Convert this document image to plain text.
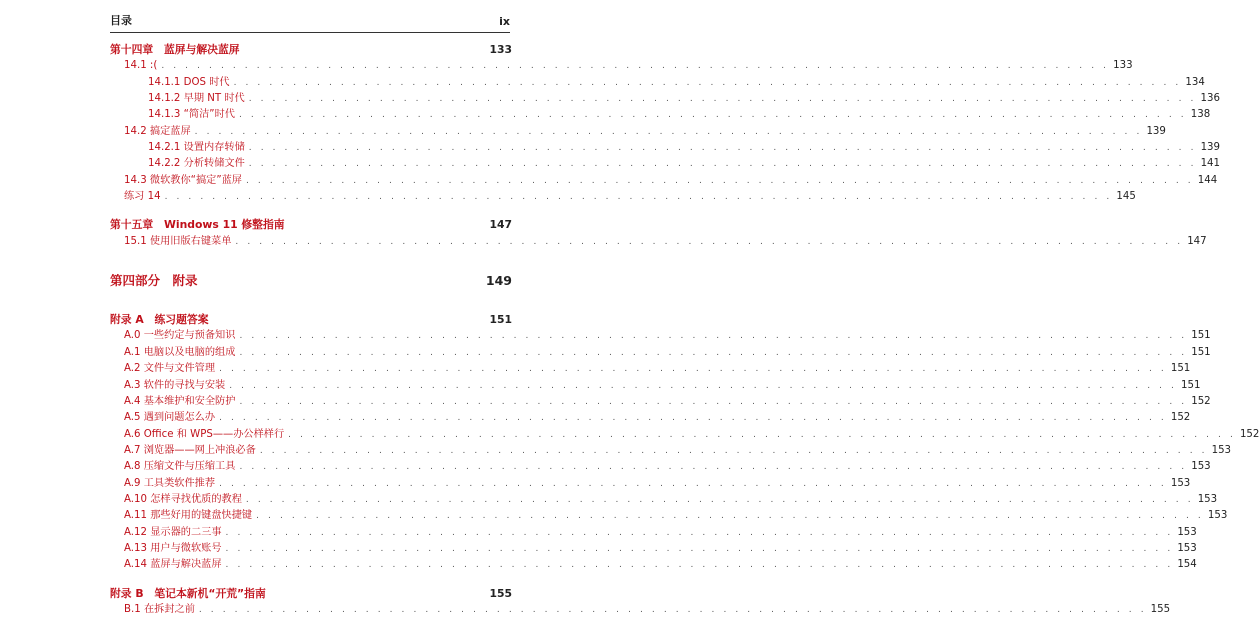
目录	ix
第十四章　蓝屏与解决蓝屏	133
14.1 :( . . . . . . . . . . . . . . . . . . . . . . . . . . . . . . . . . . . . . . . . . . . . . . . . . . . . . . . . . . . . . . . . . . . . . . . . . . . . . . . . 133
14.1.1 DOS 时代 . . . . . . . . . . . . . . . . . . . . . . . . . . . . . . . . . . . . . . . . . . . . . . . . . . . . . . . . . . . . . . . . . . . . . . . . . . . . . . . . 134
14.1.2 早期 NT 时代 . . . . . . . . . . . . . . . . . . . . . . . . . . . . . . . . . . . . . . . . . . . . . . . . . . . . . . . . . . . . . . . . . . . . . . . . . . . . . . . . 136
14.1.3 “简洁”时代 . . . . . . . . . . . . . . . . . . . . . . . . . . . . . . . . . . . . . . . . . . . . . . . . . . . . . . . . . . . . . . . . . . . . . . . . . . . . . . . . 138
14.2 搞定蓝屏 . . . . . . . . . . . . . . . . . . . . . . . . . . . . . . . . . . . . . . . . . . . . . . . . . . . . . . . . . . . . . . . . . . . . . . . . . . . . . . . . 139
14.2.1 设置内存转储 . . . . . . . . . . . . . . . . . . . . . . . . . . . . . . . . . . . . . . . . . . . . . . . . . . . . . . . . . . . . . . . . . . . . . . . . . . . . . . . . 139
14.2.2 分析转储文件 . . . . . . . . . . . . . . . . . . . . . . . . . . . . . . . . . . . . . . . . . . . . . . . . . . . . . . . . . . . . . . . . . . . . . . . . . . . . . . . . 141
14.3 微软教你“搞定”蓝屏 . . . . . . . . . . . . . . . . . . . . . . . . . . . . . . . . . . . . . . . . . . . . . . . . . . . . . . . . . . . . . . . . . . . . . . . . . . . . . . . . 144
练习 14 . . . . . . . . . . . . . . . . . . . . . . . . . . . . . . . . . . . . . . . . . . . . . . . . . . . . . . . . . . . . . . . . . . . . . . . . . . . . . . . . 145
第十五章　Windows 11 修整指南	147
15.1 使用旧版右键菜单 . . . . . . . . . . . . . . . . . . . . . . . . . . . . . . . . . . . . . . . . . . . . . . . . . . . . . . . . . . . . . . . . . . . . . . . . . . . . . . . . 147
第四部分　附录	149
附录 A　练习题答案	151
A.0 一些约定与预备知识 . . . . . . . . . . . . . . . . . . . . . . . . . . . . . . . . . . . . . . . . . . . . . . . . . . . . . . . . . . . . . . . . . . . . . . . . . . . . . . . . 151
A.1 电脑以及电脑的组成 . . . . . . . . . . . . . . . . . . . . . . . . . . . . . . . . . . . . . . . . . . . . . . . . . . . . . . . . . . . . . . . . . . . . . . . . . . . . . . . . 151
A.2 文件与文件管理 . . . . . . . . . . . . . . . . . . . . . . . . . . . . . . . . . . . . . . . . . . . . . . . . . . . . . . . . . . . . . . . . . . . . . . . . . . . . . . . . 151
A.3 软件的寻找与安装 . . . . . . . . . . . . . . . . . . . . . . . . . . . . . . . . . . . . . . . . . . . . . . . . . . . . . . . . . . . . . . . . . . . . . . . . . . . . . . . . 151
A.4 基本维护和安全防护 . . . . . . . . . . . . . . . . . . . . . . . . . . . . . . . . . . . . . . . . . . . . . . . . . . . . . . . . . . . . . . . . . . . . . . . . . . . . . . . . 152
A.5 遇到问题怎么办 . . . . . . . . . . . . . . . . . . . . . . . . . . . . . . . . . . . . . . . . . . . . . . . . . . . . . . . . . . . . . . . . . . . . . . . . . . . . . . . . 152
A.6 Office 和 WPS——办公样样行 . . . . . . . . . . . . . . . . . . . . . . . . . . . . . . . . . . . . . . . . . . . . . . . . . . . . . . . . . . . . . . . . . . . . . . . . . . . . . . . . 152
A.7 浏览器——网上冲浪必备 . . . . . . . . . . . . . . . . . . . . . . . . . . . . . . . . . . . . . . . . . . . . . . . . . . . . . . . . . . . . . . . . . . . . . . . . . . . . . . . . 153
A.8 压缩文件与压缩工具 . . . . . . . . . . . . . . . . . . . . . . . . . . . . . . . . . . . . . . . . . . . . . . . . . . . . . . . . . . . . . . . . . . . . . . . . . . . . . . . . 153
A.9 工具类软件推荐 . . . . . . . . . . . . . . . . . . . . . . . . . . . . . . . . . . . . . . . . . . . . . . . . . . . . . . . . . . . . . . . . . . . . . . . . . . . . . . . . 153
A.10 怎样寻找优质的教程 . . . . . . . . . . . . . . . . . . . . . . . . . . . . . . . . . . . . . . . . . . . . . . . . . . . . . . . . . . . . . . . . . . . . . . . . . . . . . . . . 153
A.11 那些好用的键盘快捷键 . . . . . . . . . . . . . . . . . . . . . . . . . . . . . . . . . . . . . . . . . . . . . . . . . . . . . . . . . . . . . . . . . . . . . . . . . . . . . . . . 153
A.12 显示器的二三事 . . . . . . . . . . . . . . . . . . . . . . . . . . . . . . . . . . . . . . . . . . . . . . . . . . . . . . . . . . . . . . . . . . . . . . . . . . . . . . . . 153
A.13 用户与微软账号 . . . . . . . . . . . . . . . . . . . . . . . . . . . . . . . . . . . . . . . . . . . . . . . . . . . . . . . . . . . . . . . . . . . . . . . . . . . . . . . . 153
A.14 蓝屏与解决蓝屏 . . . . . . . . . . . . . . . . . . . . . . . . . . . . . . . . . . . . . . . . . . . . . . . . . . . . . . . . . . . . . . . . . . . . . . . . . . . . . . . . 154
附录 B　笔记本新机“开荒”指南	155
B.1 在拆封之前 . . . . . . . . . . . . . . . . . . . . . . . . . . . . . . . . . . . . . . . . . . . . . . . . . . . . . . . . . . . . . . . . . . . . . . . . . . . . . . . . 155
